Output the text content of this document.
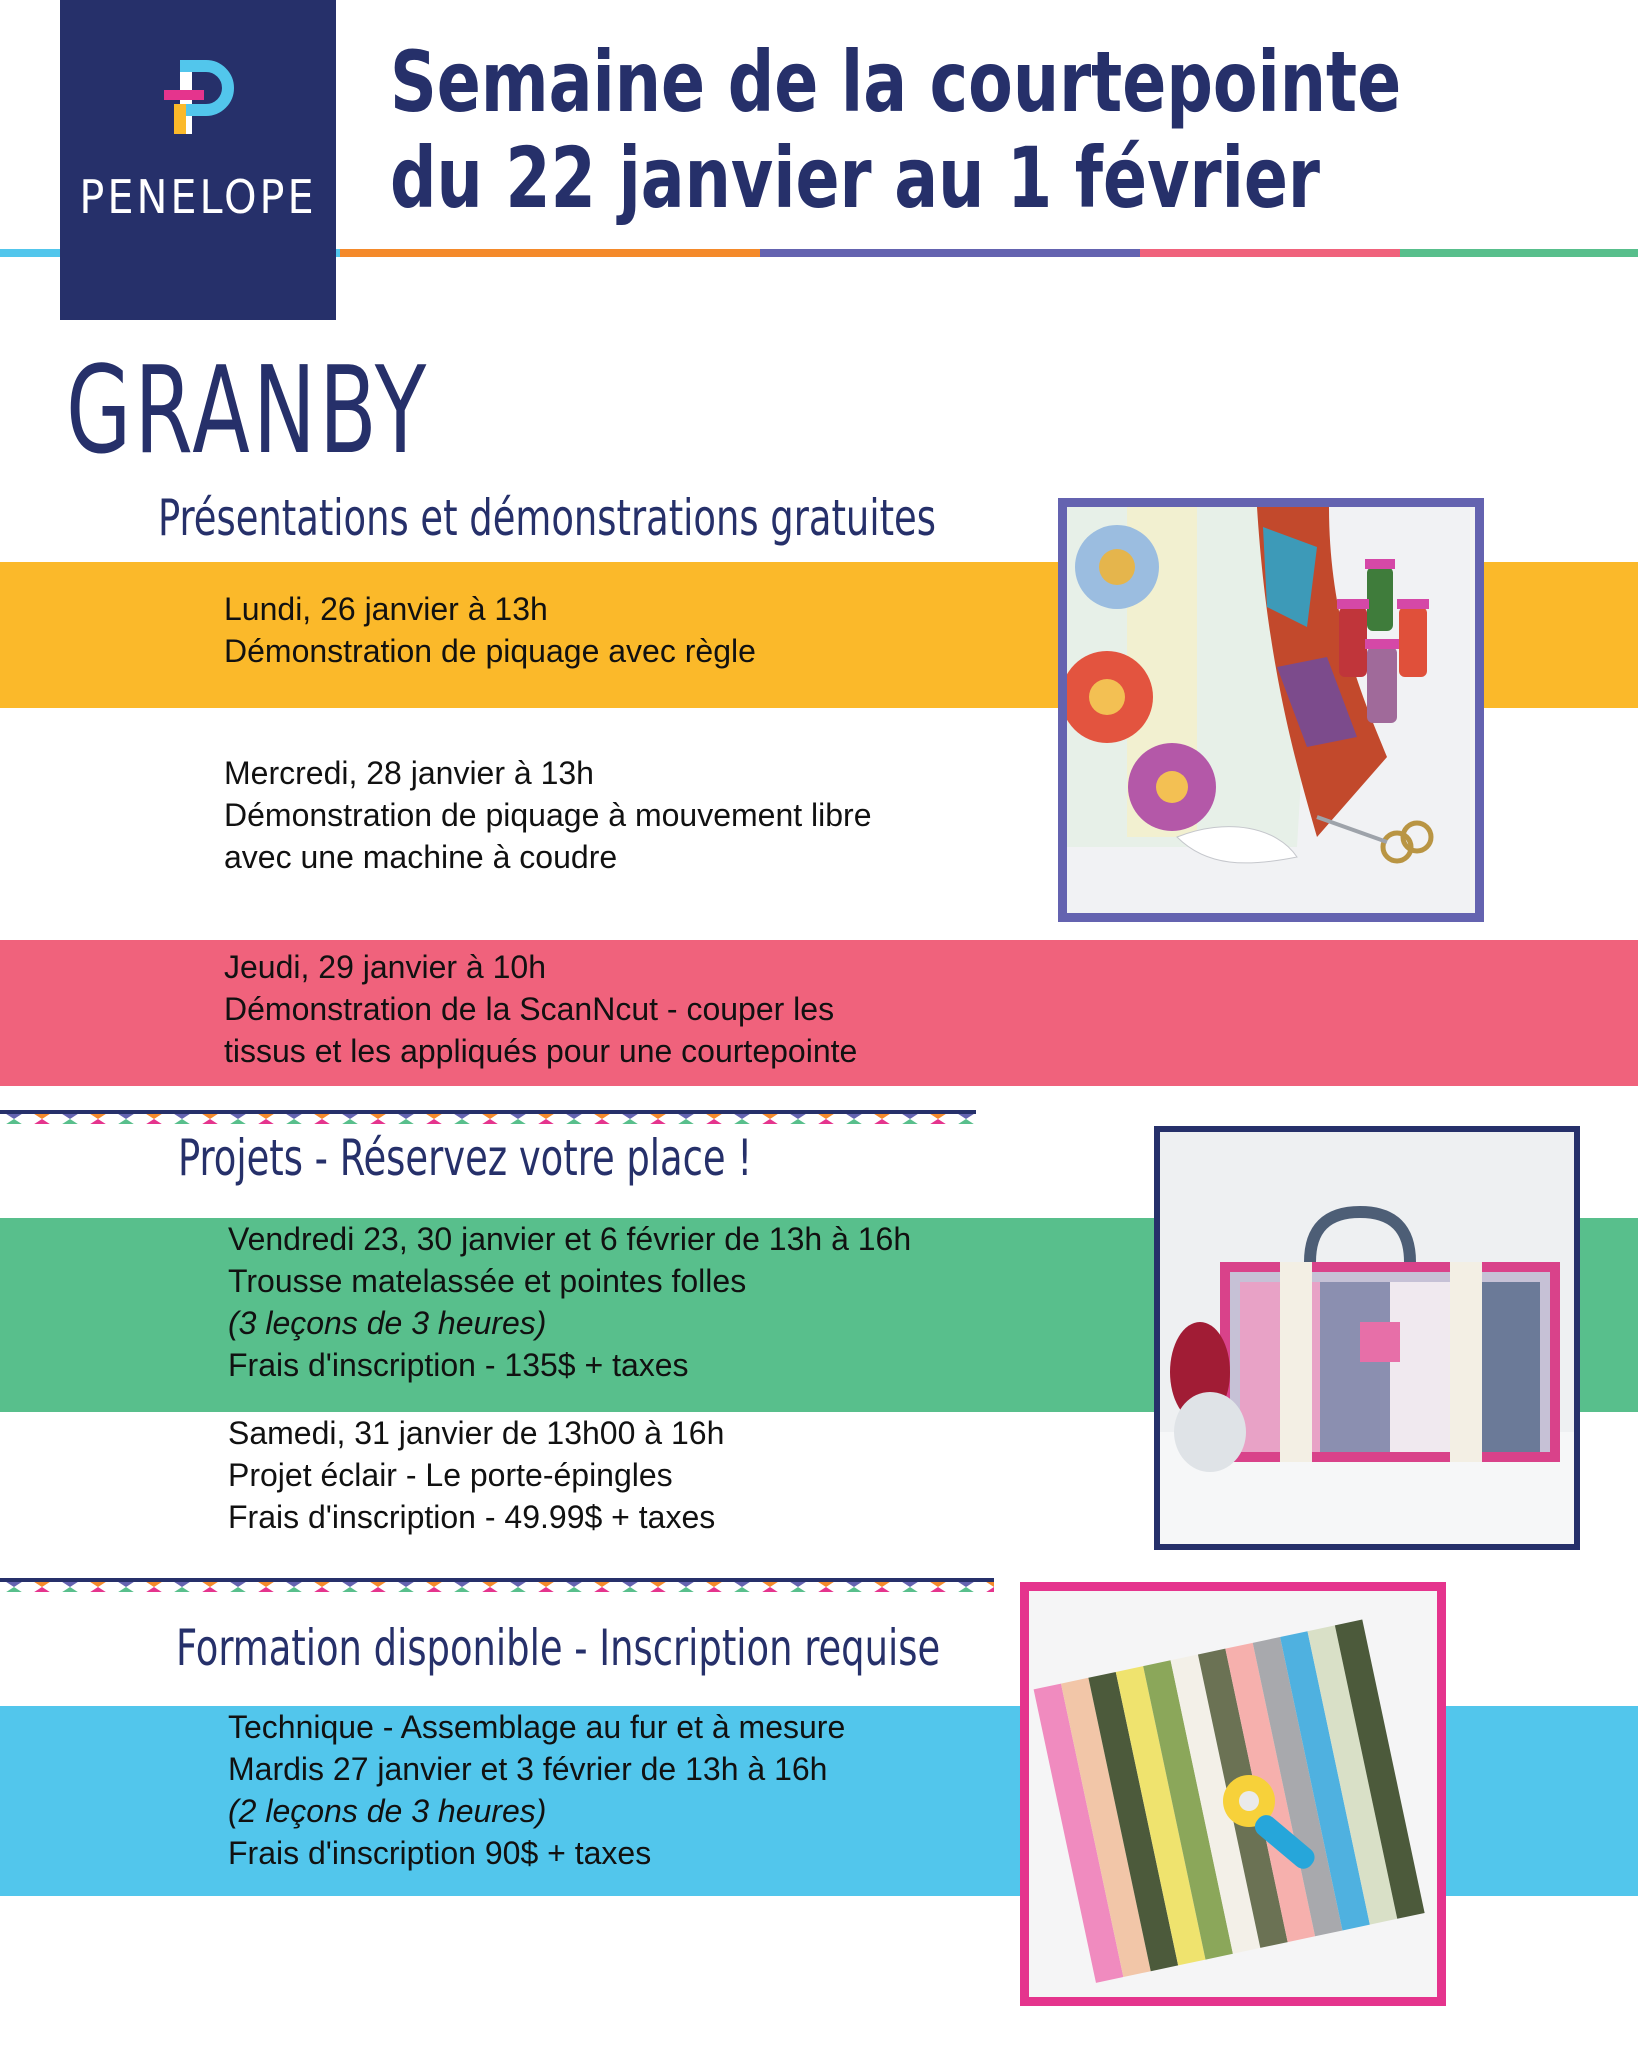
PENELOPE
Semaine de la courtepointe
du 22 janvier au 1 février
GRANBY
Présentations et démonstrations gratuites
Lundi, 26 janvier à 13h
Démonstration de piquage avec règle
Mercredi, 28 janvier à 13h
Démonstration de piquage à mouvement libre
avec une machine à coudre
Jeudi, 29 janvier à 10h
Démonstration de la ScanNcut - couper les
tissus et les appliqués pour une courtepointe
Projets - Réservez votre place !
Vendredi 23, 30 janvier et 6 février de 13h à 16h
Trousse matelassée et pointes folles
(3 leçons de 3 heures)
Frais d'inscription - 135$ + taxes
Samedi, 31 janvier de 13h00 à 16h
Projet éclair - Le porte-épingles
Frais d'inscription - 49.99$ + taxes
Formation disponible - Inscription requise
Technique - Assemblage au fur et à mesure
Mardis 27 janvier et 3 février de 13h à 16h
(2 leçons de 3 heures)
Frais d'inscription 90$ + taxes
